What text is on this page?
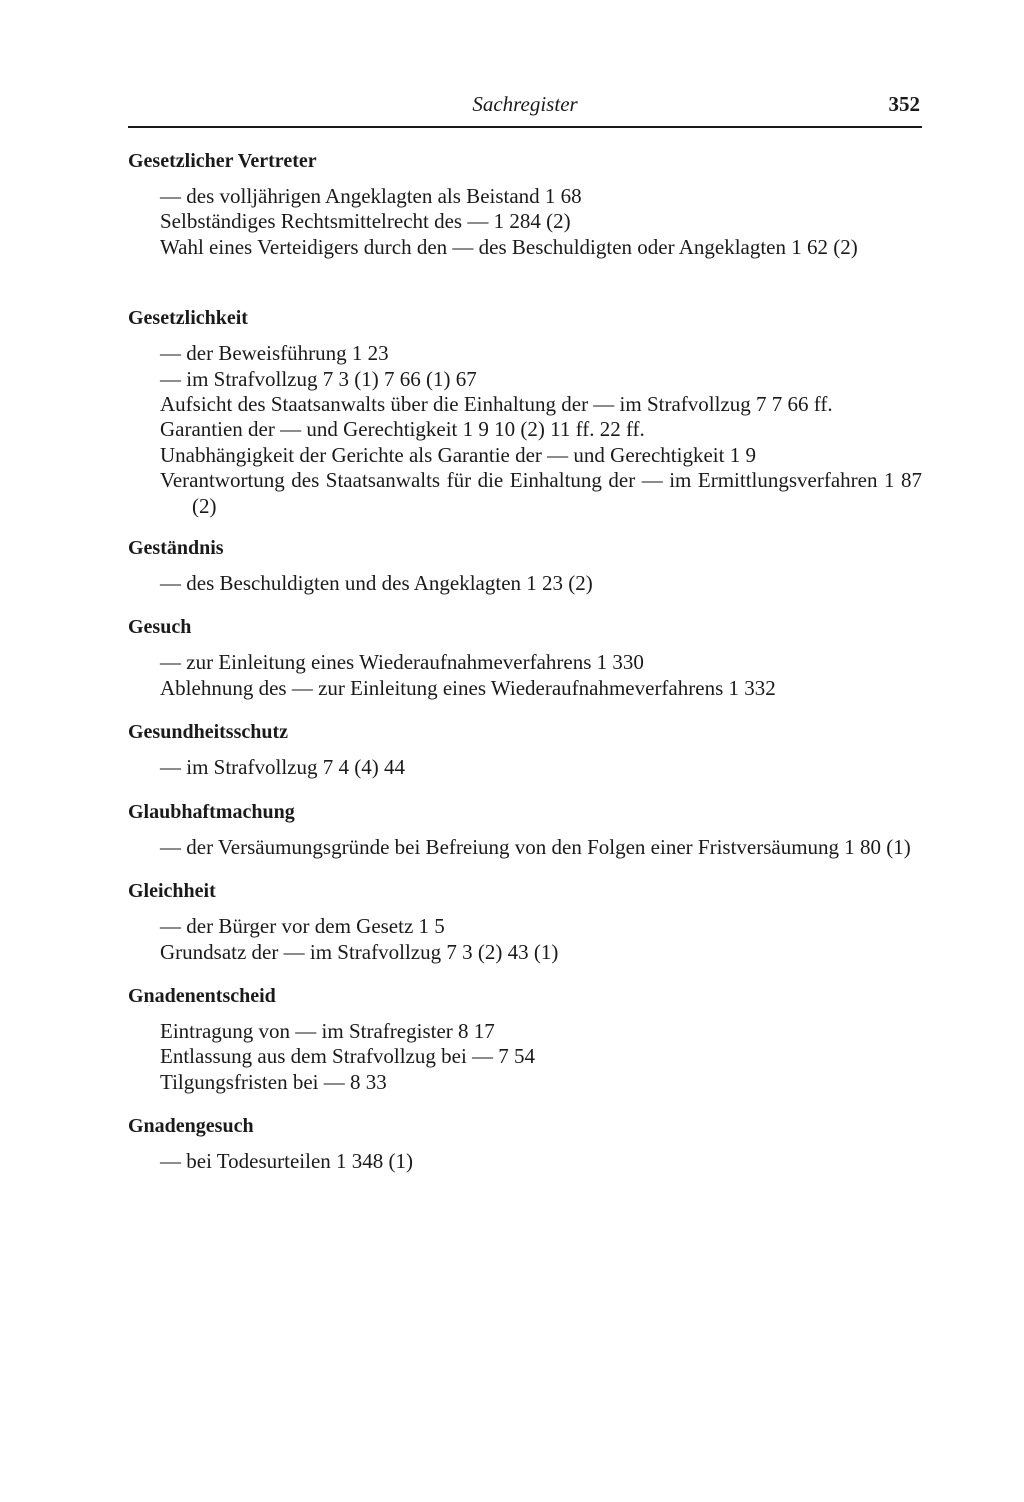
Sachregister	352
Gesetzlicher Vertreter
— des volljährigen Angeklagten als Beistand 1 68
Selbständiges Rechtsmittelrecht des — 1 284 (2)
Wahl eines Verteidigers durch den — des Beschuldigten oder Angeklagten 1 62 (2)
Gesetzlichkeit
— der Beweisführung 1 23
— im Strafvollzug 7 3 (1) 7 66 (1) 67
Aufsicht des Staatsanwalts über die Einhaltung der — im Strafvollzug 7 7 66 ff.
Garantien der — und Gerechtigkeit 1 9 10 (2) 11 ff. 22 ff.
Unabhängigkeit der Gerichte als Garantie der — und Gerechtigkeit 1 9
Verantwortung des Staatsanwalts für die Einhaltung der — im Ermittlungsverfahren 1 87 (2)
Geständnis
— des Beschuldigten und des Angeklagten 1 23 (2)
Gesuch
— zur Einleitung eines Wiederaufnahmeverfahrens 1 330
Ablehnung des — zur Einleitung eines Wiederaufnahmeverfahrens 1 332
Gesundheitsschutz
— im Strafvollzug 7 4 (4) 44
Glaubhaftmachung
— der Versäumungsgründe bei Befreiung von den Folgen einer Fristversäumung 1 80 (1)
Gleichheit
— der Bürger vor dem Gesetz 1 5
Grundsatz der — im Strafvollzug 7 3 (2) 43 (1)
Gnadenentscheid
Eintragung von — im Strafregister 8 17
Entlassung aus dem Strafvollzug bei — 7 54
Tilgungsfristen bei — 8 33
Gnadengesuch
— bei Todesurteilen 1 348 (1)
